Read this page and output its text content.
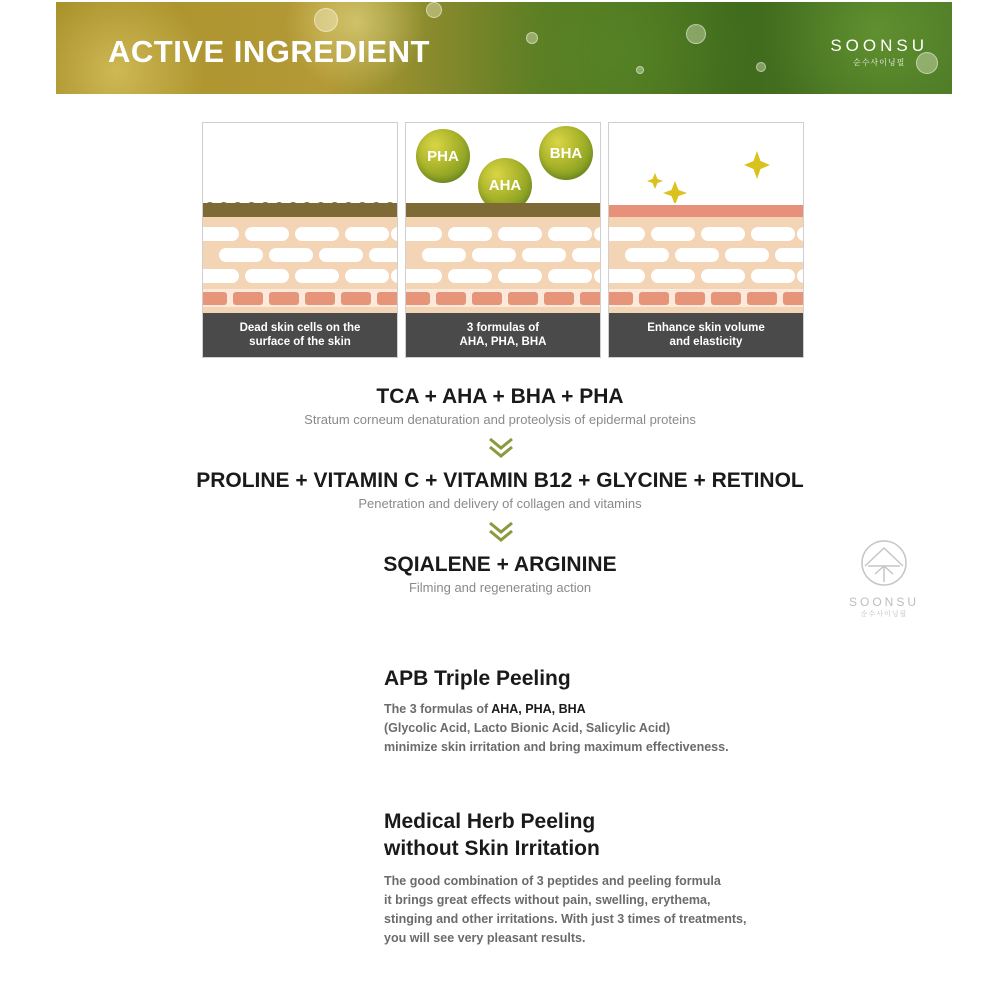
ACTIVE INGREDIENT	SOONSU
순수사이닝필
Dead skin cells on the
surface of the skin
PHA
AHA
BHA
3 formulas of
AHA, PHA, BHA
Enhance skin volume
and elasticity
TCA + AHA + BHA + PHA
Stratum corneum denaturation and proteolysis of epidermal proteins
PROLINE + VITAMIN C + VITAMIN B12 + GLYCINE + RETINOL
Penetration and delivery of collagen and vitamins
SQIALENE + ARGININE
Filming and regenerating action
SOONSU
순수사이닝필
APB Triple Peeling

The 3 formulas of AHA, PHA, BHA

(Glycolic Acid, Lacto Bionic Acid, Salicylic Acid)

minimize skin irritation and bring maximum effectiveness.

Medical Herb Peeling
without Skin Irritation

The good combination of 3 peptides and peeling formula

it brings great effects without pain, swelling, erythema,

stinging and other irritations. With just 3 times of treatments,

you will see very pleasant results.
